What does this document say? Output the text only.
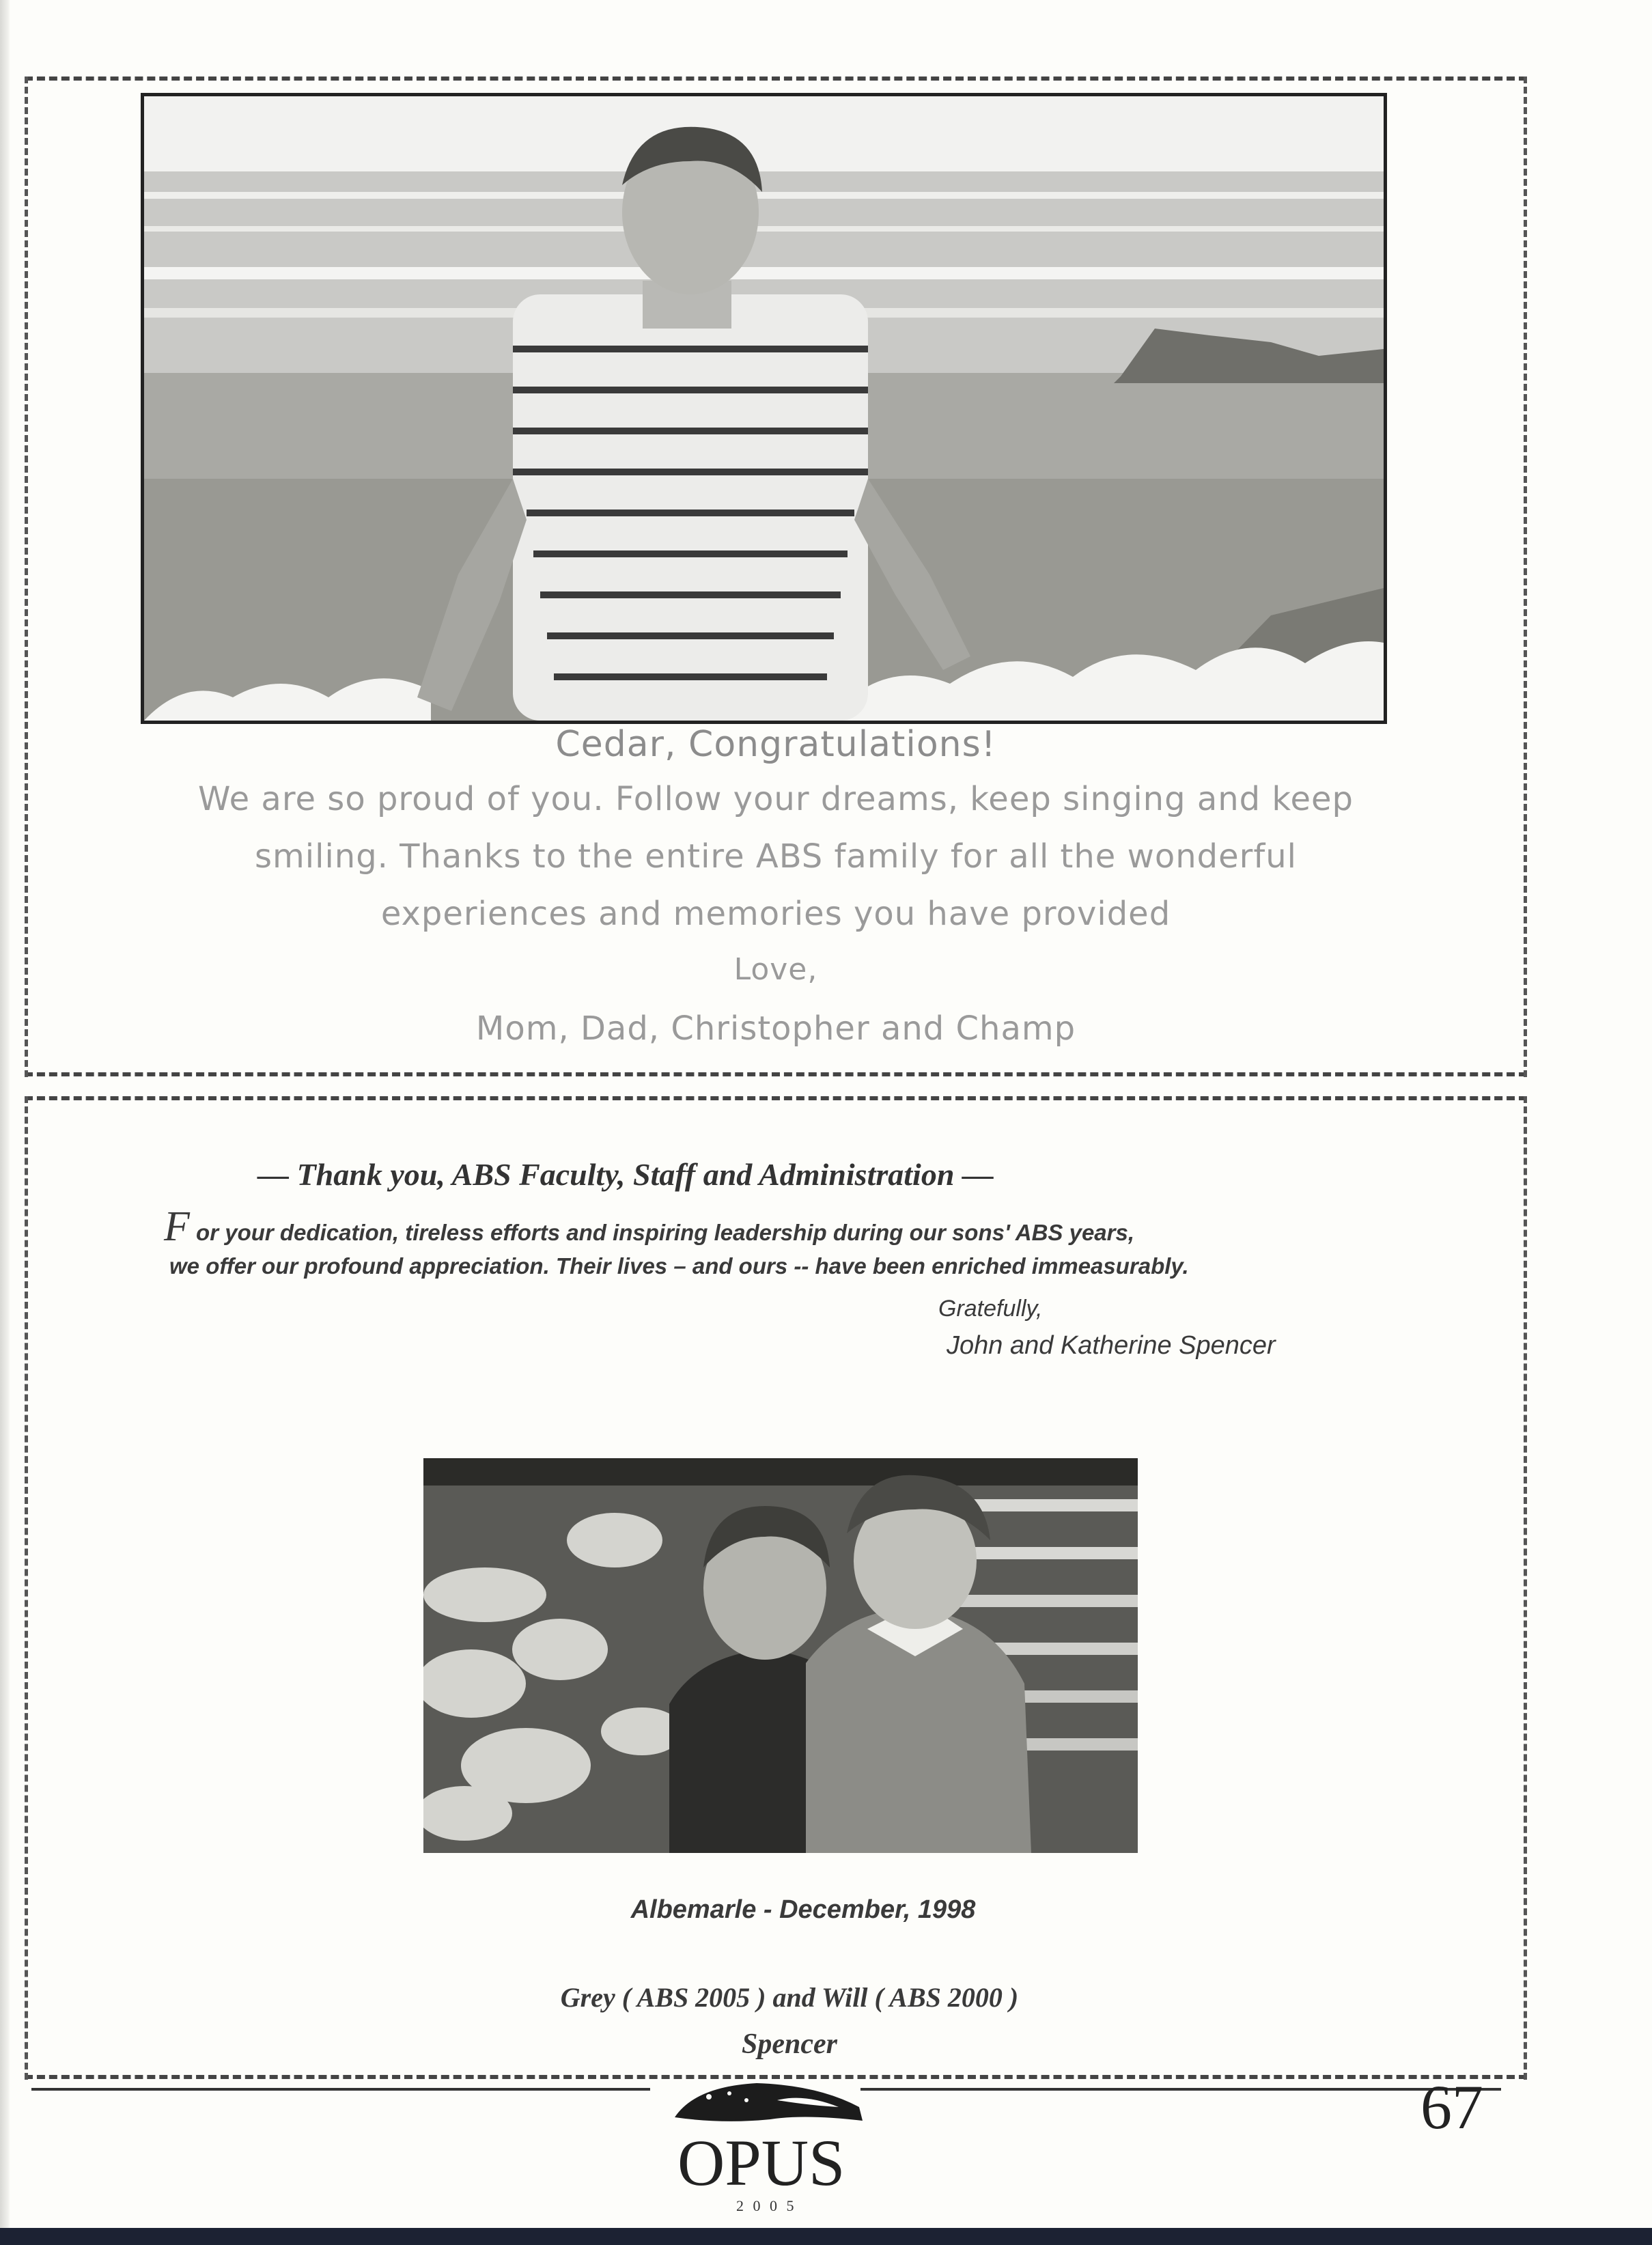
Cedar, Congratulations!
We are so proud of you. Follow your dreams, keep singing and keep
smiling. Thanks to the entire ABS family for all the wonderful
experiences and memories you have provided
Love,
Mom, Dad, Christopher and Champ
— Thank you, ABS Faculty, Staff and Administration —
F or your dedication, tireless efforts and inspiring leadership during our sons' ABS years,
we offer our profound appreciation. Their lives – and ours -- have been enriched immeasurably.
Gratefully,
John and Katherine Spencer
Albemarle - December, 1998
Grey ( ABS 2005 ) and Will ( ABS 2000 )
Spencer
OPUS
2 0 0 5
67
